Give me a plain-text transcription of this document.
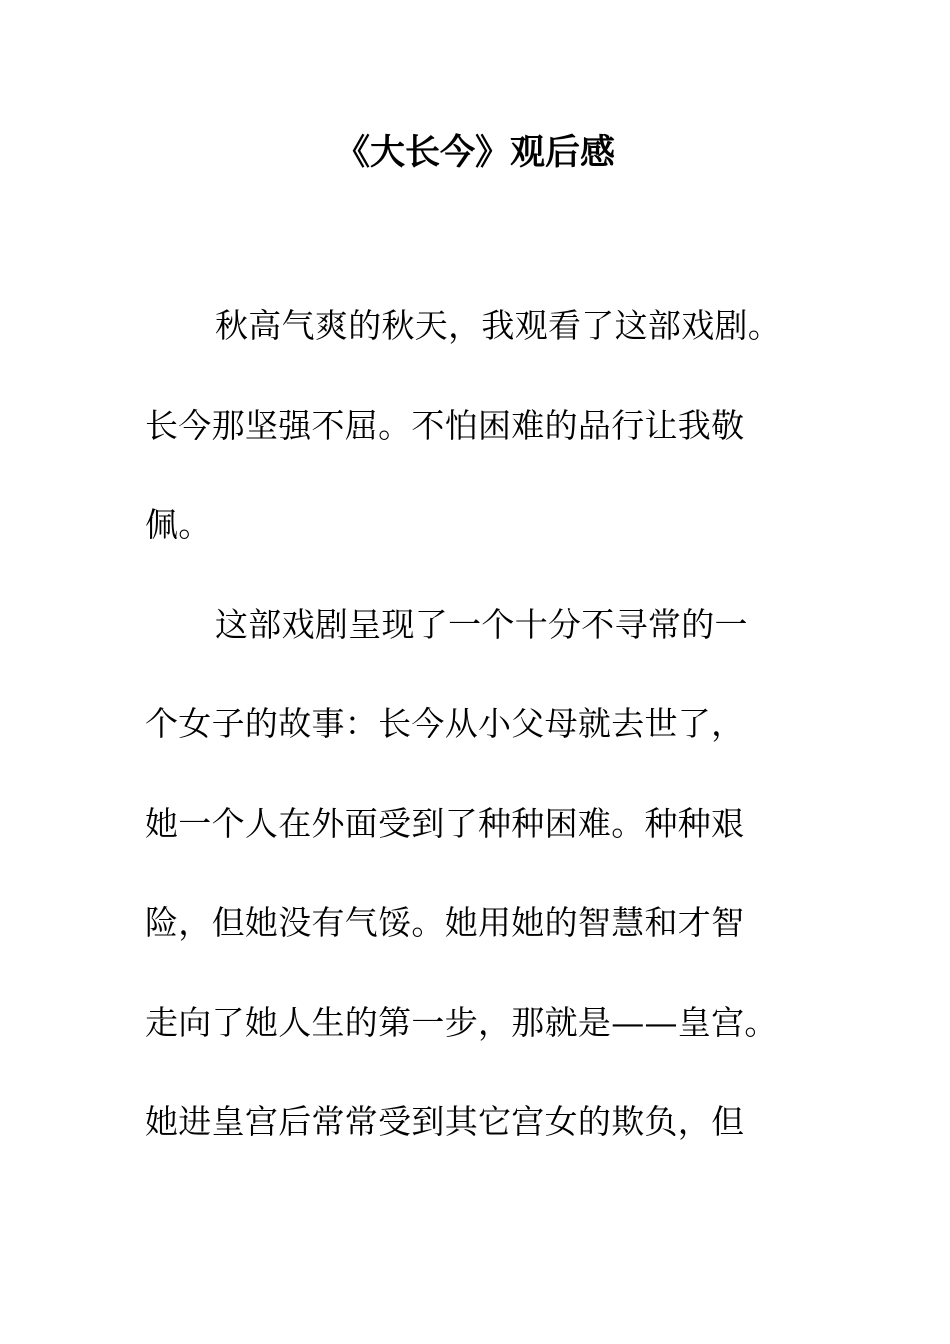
《大长今》观后感
秋高气爽的秋天，我观看了这部戏剧。
长今那坚强不屈。不怕困难的品行让我敬
佩。
这部戏剧呈现了一个十分不寻常的一
个女子的故事：长今从小父母就去世了，
她一个人在外面受到了种种困难。种种艰
险，但她没有气馁。她用她的智慧和才智
走向了她人生的第一步，那就是——皇宫。
她进皇宫后常常受到其它宫女的欺负，但
